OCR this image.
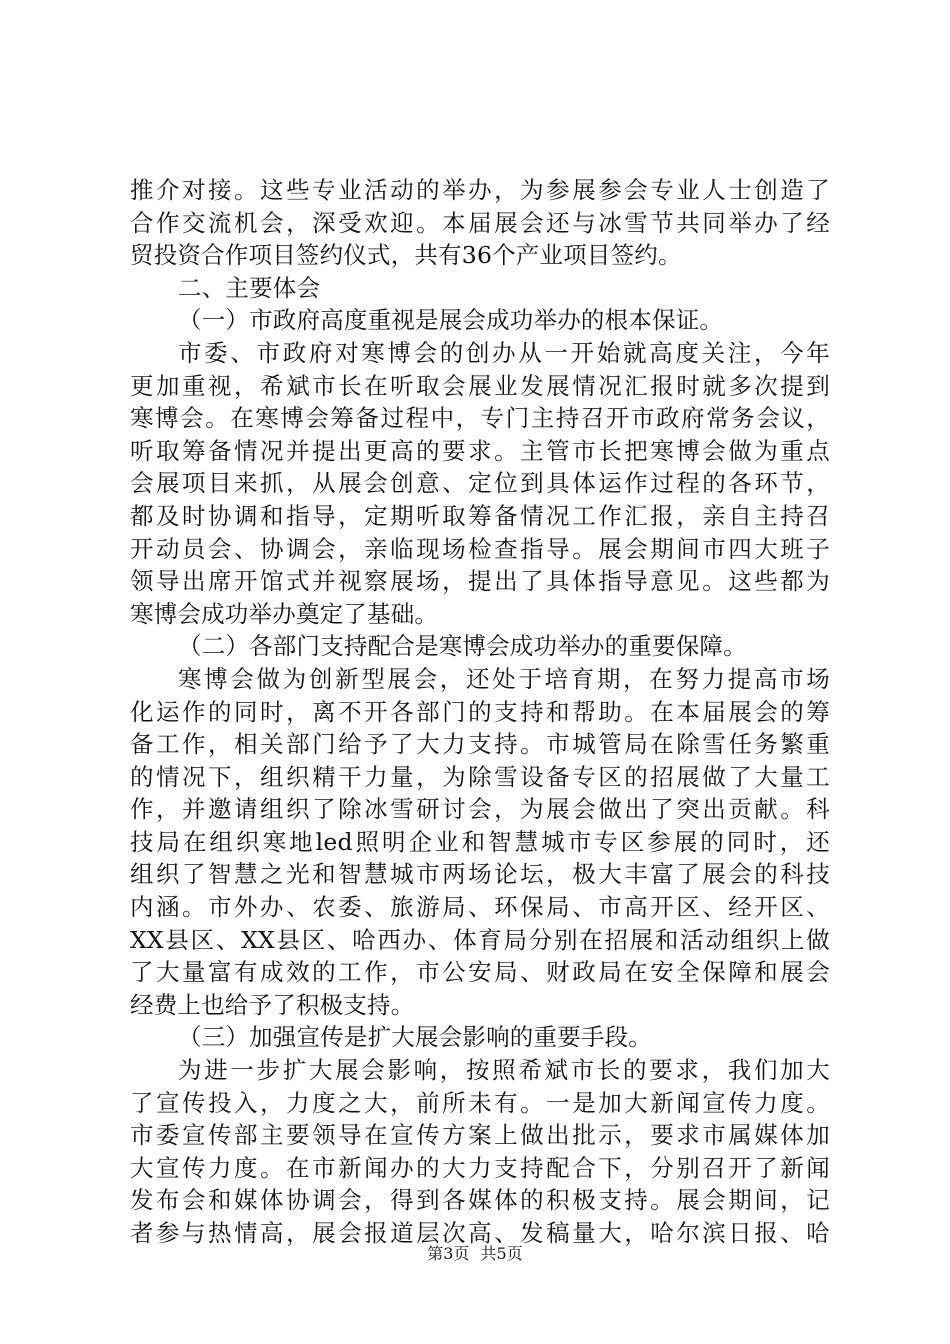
推介对接。这些专业活动的举办，为参展参会专业人士创造了
合作交流机会，深受欢迎。本届展会还与冰雪节共同举办了经
贸投资合作项目签约仪式，共有36个产业项目签约。
二、主要体会
（一）市政府高度重视是展会成功举办的根本保证。
市委、市政府对寒博会的创办从一开始就高度关注，今年
更加重视，希斌市长在听取会展业发展情况汇报时就多次提到
寒博会。在寒博会筹备过程中，专门主持召开市政府常务会议，
听取筹备情况并提出更高的要求。主管市长把寒博会做为重点
会展项目来抓，从展会创意、定位到具体运作过程的各环节，
都及时协调和指导，定期听取筹备情况工作汇报，亲自主持召
开动员会、协调会，亲临现场检查指导。展会期间市四大班子
领导出席开馆式并视察展场，提出了具体指导意见。这些都为
寒博会成功举办奠定了基础。
（二）各部门支持配合是寒博会成功举办的重要保障。
寒博会做为创新型展会，还处于培育期，在努力提高市场
化运作的同时，离不开各部门的支持和帮助。在本届展会的筹
备工作，相关部门给予了大力支持。市城管局在除雪任务繁重
的情况下，组织精干力量，为除雪设备专区的招展做了大量工
作，并邀请组织了除冰雪研讨会，为展会做出了突出贡献。科
技局在组织寒地led照明企业和智慧城市专区参展的同时，还
组织了智慧之光和智慧城市两场论坛，极大丰富了展会的科技
内涵。市外办、农委、旅游局、环保局、市高开区、经开区、
XX县区、XX县区、哈西办、体育局分别在招展和活动组织上做
了大量富有成效的工作，市公安局、财政局在安全保障和展会
经费上也给予了积极支持。
（三）加强宣传是扩大展会影响的重要手段。
为进一步扩大展会影响，按照希斌市长的要求，我们加大
了宣传投入，力度之大，前所未有。一是加大新闻宣传力度。
市委宣传部主要领导在宣传方案上做出批示，要求市属媒体加
大宣传力度。在市新闻办的大力支持配合下，分别召开了新闻
发布会和媒体协调会，得到各媒体的积极支持。展会期间，记
者参与热情高，展会报道层次高、发稿量大，哈尔滨日报、哈
第3页 共5页
